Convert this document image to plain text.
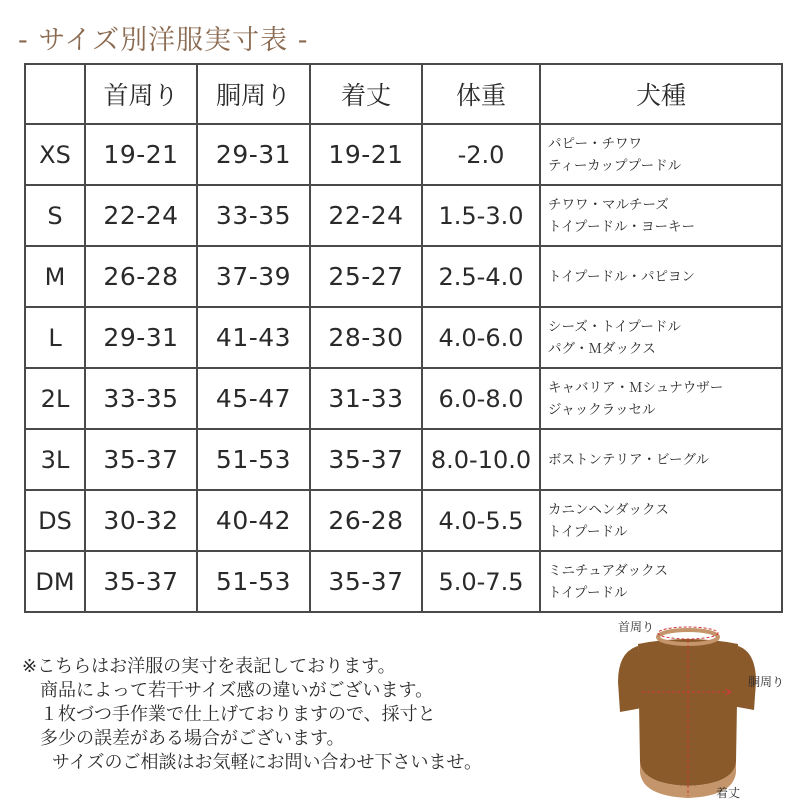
- サイズ別洋服実寸表 -
	首周り	胴周り	着丈	体重	犬種
XS	19-21	29-31	19-21	-2.0	パピー・チワワ
ティーカッププードル

S	22-24	33-35	22-24	1.5-3.0	チワワ・マルチーズ
トイプードル・ヨーキー

M	26-28	37-39	25-27	2.5-4.0	トイプードル・パピヨン

L	29-31	41-43	28-30	4.0-6.0	シーズ・トイプードル
パグ・Ｍダックス

2L	33-35	45-47	31-33	6.0-8.0	キャバリア・Ｍシュナウザー
ジャックラッセル

3L	35-37	51-53	35-37	8.0-10.0	ボストンテリア・ビーグル

DS	30-32	40-42	26-28	4.0-5.5	カニンヘンダックス
トイプードル

DM	35-37	51-53	35-37	5.0-7.5	ミニチュアダックス
トイプードル
※こちらはお洋服の実寸を表記しております。
商品によって若干サイズ感の違いがございます。
１枚づつ手作業で仕上げておりますので、採寸と
多少の誤差がある場合がございます。
サイズのご相談はお気軽にお問い合わせ下さいませ。
首周り
胴周り
着丈
